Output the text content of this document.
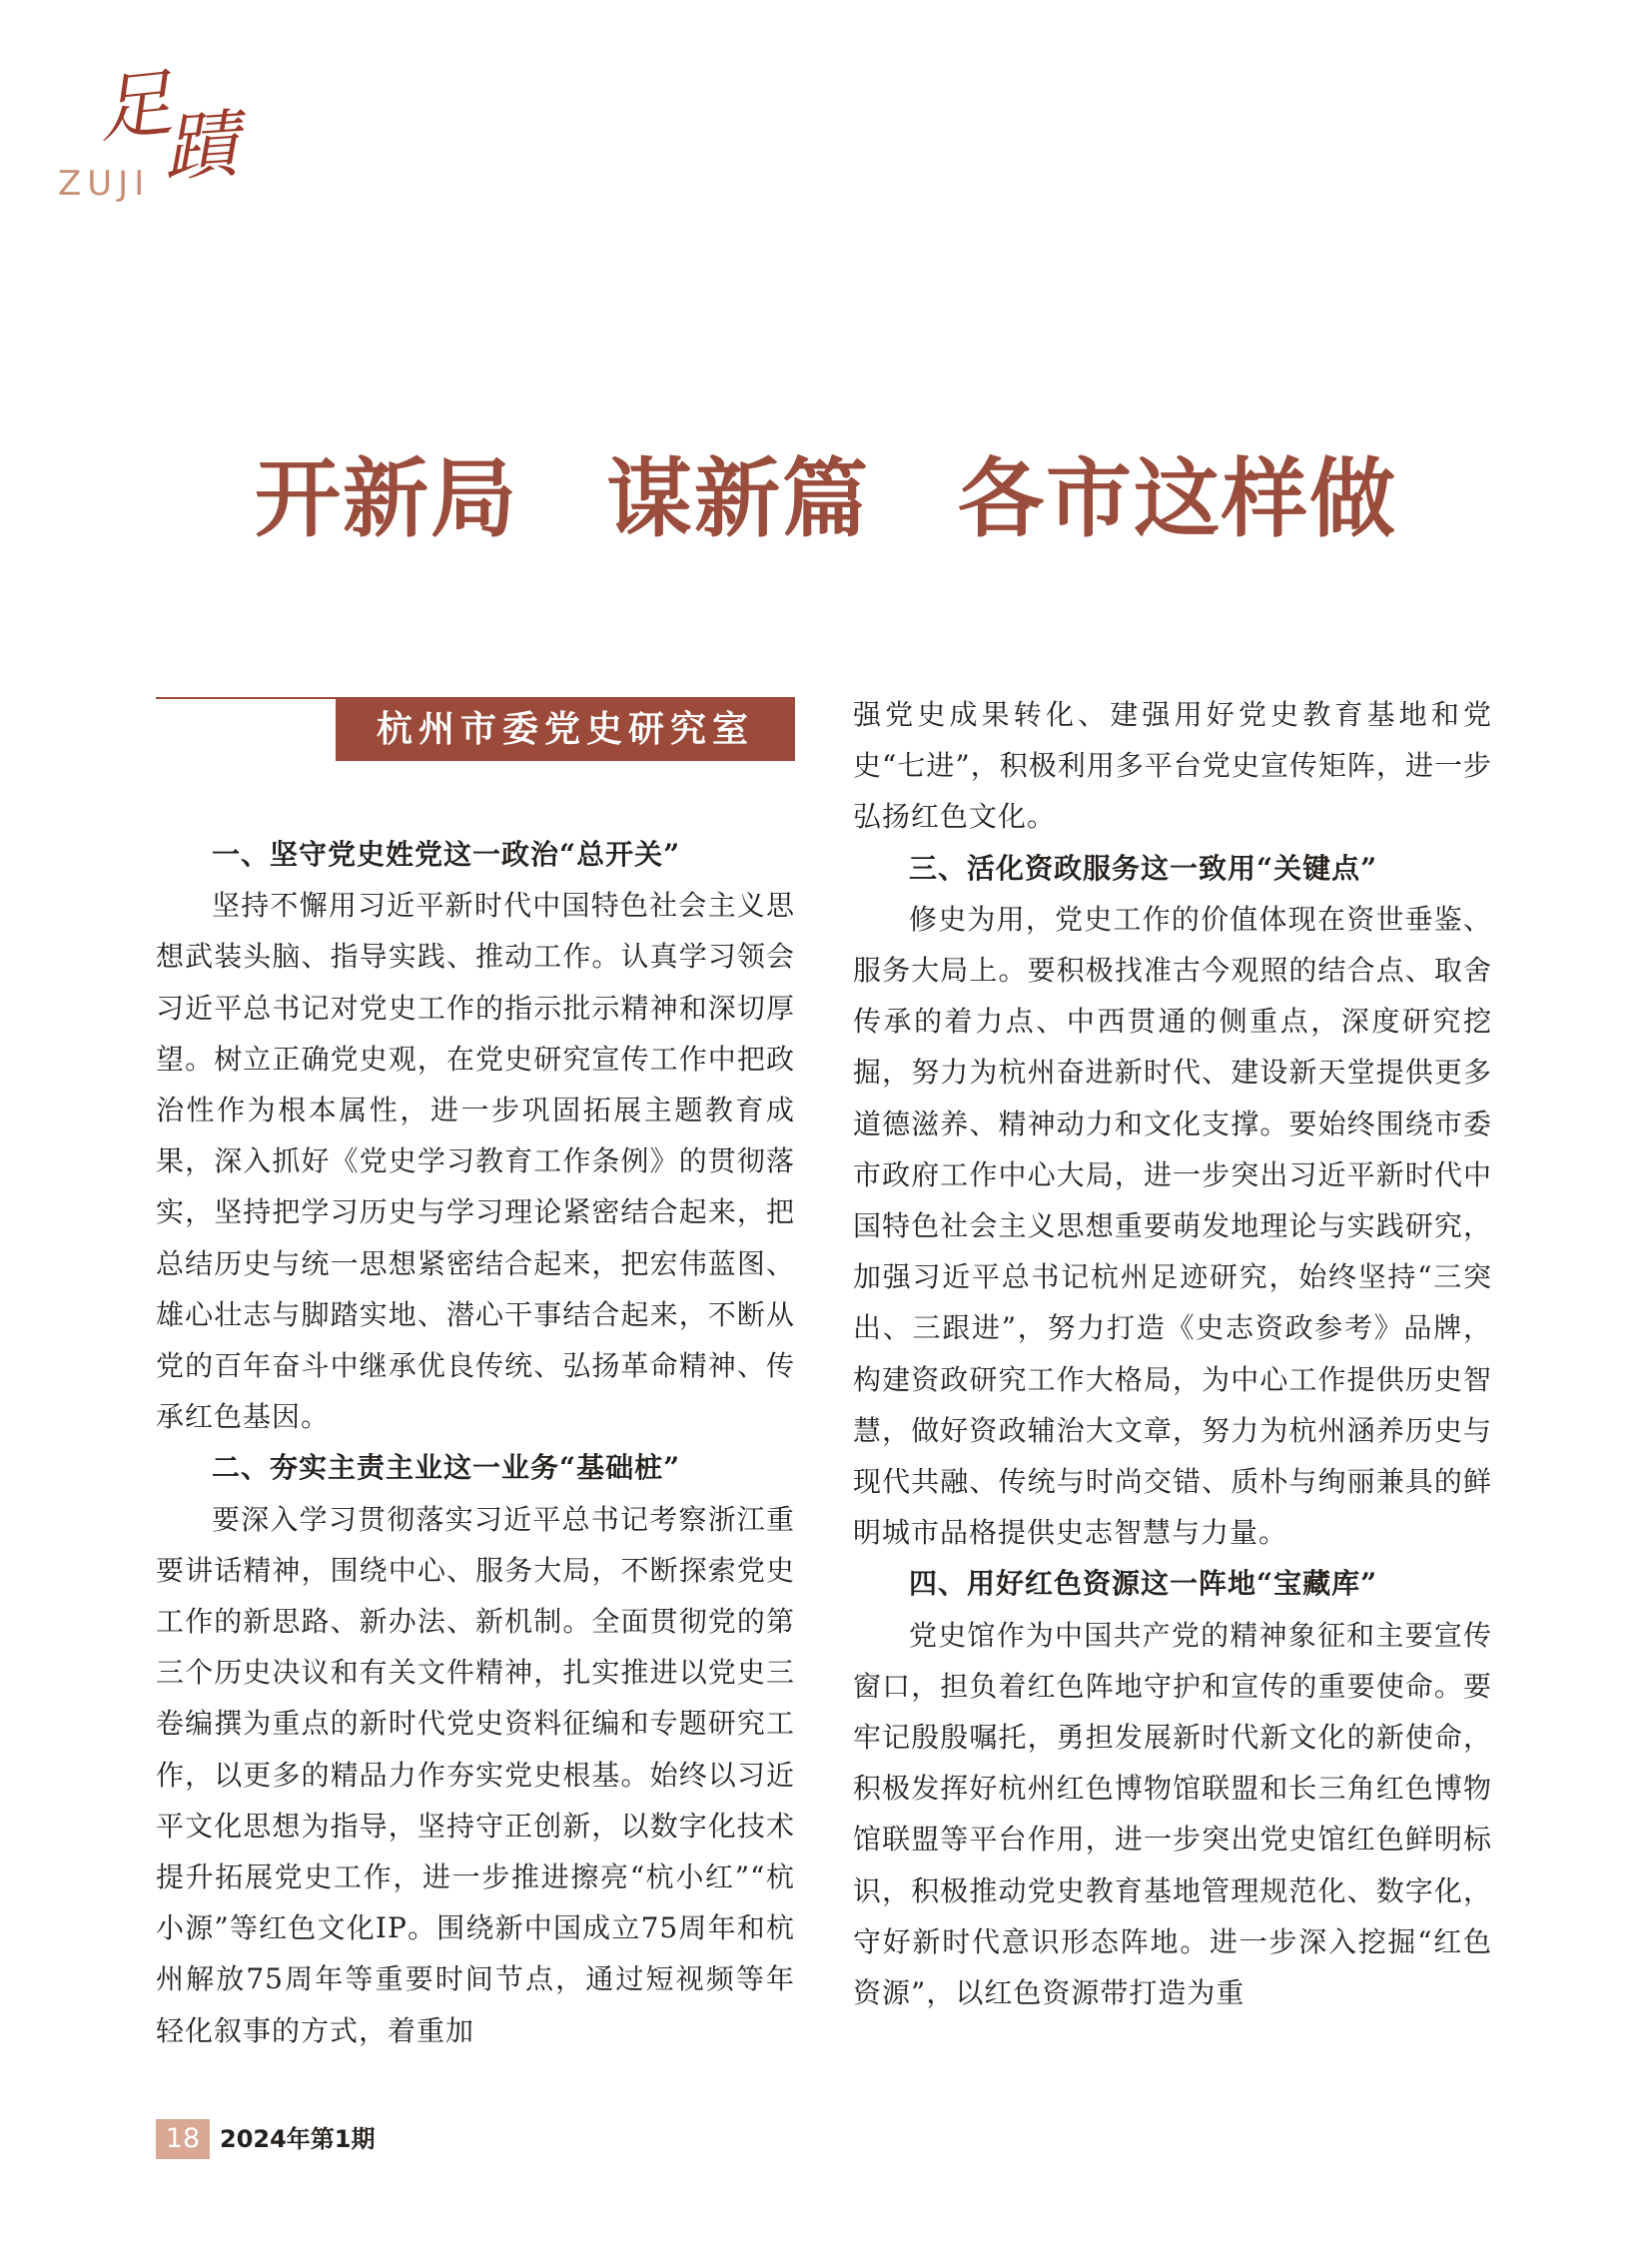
足
蹟
ZUJI
开新局　谋新篇　各市这样做
杭州市委党史研究室
一、坚守党史姓党这一政治“总开关”

坚持不懈用习近平新时代中国特色社会主义思想武装头脑、指导实践、推动工作。认真学习领会习近平总书记对党史工作的指示批示精神和深切厚望。树立正确党史观，在党史研究宣传工作中把政治性作为根本属性，进一步巩固拓展主题教育成果，深入抓好《党史学习教育工作条例》的贯彻落实，坚持把学习历史与学习理论紧密结合起来，把总结历史与统一思想紧密结合起来，把宏伟蓝图、雄心壮志与脚踏实地、潜心干事结合起来，不断从党的百年奋斗中继承优良传统、弘扬革命精神、传承红色基因。

二、夯实主责主业这一业务“基础桩”

要深入学习贯彻落实习近平总书记考察浙江重要讲话精神，围绕中心、服务大局，不断探索党史工作的新思路、新办法、新机制。全面贯彻党的第三个历史决议和有关文件精神，扎实推进以党史三卷编撰为重点的新时代党史资料征编和专题研究工作，以更多的精品力作夯实党史根基。始终以习近平文化思想为指导，坚持守正创新，以数字化技术提升拓展党史工作，进一步推进擦亮“杭小红”“杭小源”等红色文化IP。围绕新中国成立75周年和杭州解放75周年等重要时间节点，通过短视频等年轻化叙事的方式，着重加

强党史成果转化、建强用好党史教育基地和党史“七进”，积极利用多平台党史宣传矩阵，进一步弘扬红色文化。

三、活化资政服务这一致用“关键点”

修史为用，党史工作的价值体现在资世垂鉴、服务大局上。要积极找准古今观照的结合点、取舍传承的着力点、中西贯通的侧重点，深度研究挖掘，努力为杭州奋进新时代、建设新天堂提供更多道德滋养、精神动力和文化支撑。要始终围绕市委市政府工作中心大局，进一步突出习近平新时代中国特色社会主义思想重要萌发地理论与实践研究，加强习近平总书记杭州足迹研究，始终坚持“三突出、三跟进”，努力打造《史志资政参考》品牌，构建资政研究工作大格局，为中心工作提供历史智慧，做好资政辅治大文章，努力为杭州涵养历史与现代共融、传统与时尚交错、质朴与绚丽兼具的鲜明城市品格提供史志智慧与力量。

四、用好红色资源这一阵地“宝藏库”

党史馆作为中国共产党的精神象征和主要宣传窗口，担负着红色阵地守护和宣传的重要使命。要牢记殷殷嘱托，勇担发展新时代新文化的新使命，积极发挥好杭州红色博物馆联盟和长三角红色博物馆联盟等平台作用，进一步突出党史馆红色鲜明标识，积极推动党史教育基地管理规范化、数字化，守好新时代意识形态阵地。进一步深入挖掘“红色资源”，以红色资源带打造为重

18 2024年第1期
